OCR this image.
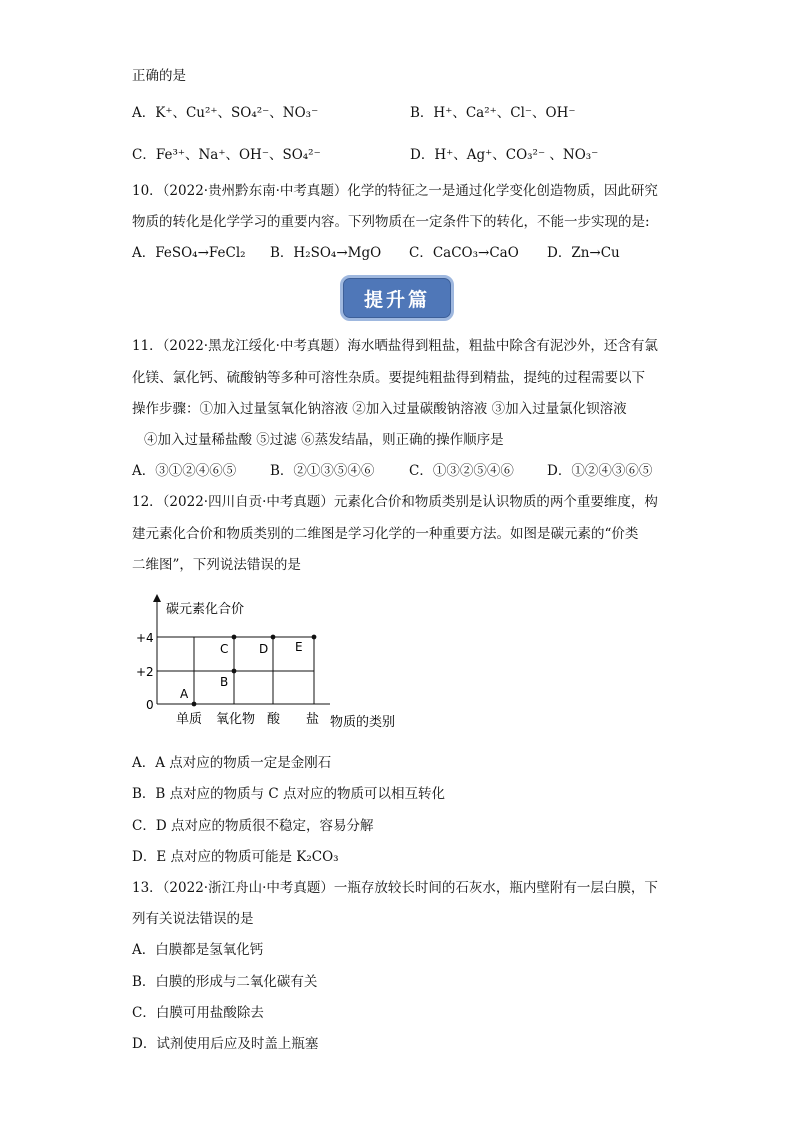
正确的是
A．K⁺、Cu²⁺、SO₄²⁻、NO₃⁻	B．H⁺、Ca²⁺、Cl⁻、OH⁻
C．Fe³⁺、Na⁺、OH⁻、SO₄²⁻	D．H⁺、Ag⁺、CO₃²⁻ 、NO₃⁻
10．（2022·贵州黔东南·中考真题）化学的特征之一是通过化学变化创造物质，因此研究
物质的转化是化学学习的重要内容。下列物质在一定条件下的转化，不能一步实现的是:
A．FeSO₄→FeCl₂ B．H₂SO₄→MgO C．CaCO₃→CaO D．Zn→Cu
提升篇
11．（2022·黑龙江绥化·中考真题）海水晒盐得到粗盐，粗盐中除含有泥沙外，还含有氯
化镁、氯化钙、硫酸钠等多种可溶性杂质。要提纯粗盐得到精盐，提纯的过程需要以下
操作步骤：①加入过量氢氧化钠溶液 ②加入过量碳酸钠溶液 ③加入过量氯化钡溶液
④加入过量稀盐酸 ⑤过滤 ⑥蒸发结晶，则正确的操作顺序是
A．③①②④⑥⑤	B．②①③⑤④⑥	C．①③②⑤④⑥ D．①②④③⑥⑤
12．（2022·四川自贡·中考真题）元素化合价和物质类别是认识物质的两个重要维度，构
建元素化合价和物质类别的二维图是学习化学的一种重要方法。如图是碳元素的“价类
二维图”，下列说法错误的是
碳元素化合价
+4
+2
0
A
B
C	D E
单质 氧化物 酸 盐 物质的类别
A．A 点对应的物质一定是金刚石
B．B 点对应的物质与 C 点对应的物质可以相互转化
C．D 点对应的物质很不稳定，容易分解
D．E 点对应的物质可能是 K₂CO₃
13．（2022·浙江舟山·中考真题）一瓶存放较长时间的石灰水，瓶内壁附有一层白膜，下
列有关说法错误的是
A．白膜都是氢氧化钙
B．白膜的形成与二氧化碳有关
C．白膜可用盐酸除去
D．试剂使用后应及时盖上瓶塞
